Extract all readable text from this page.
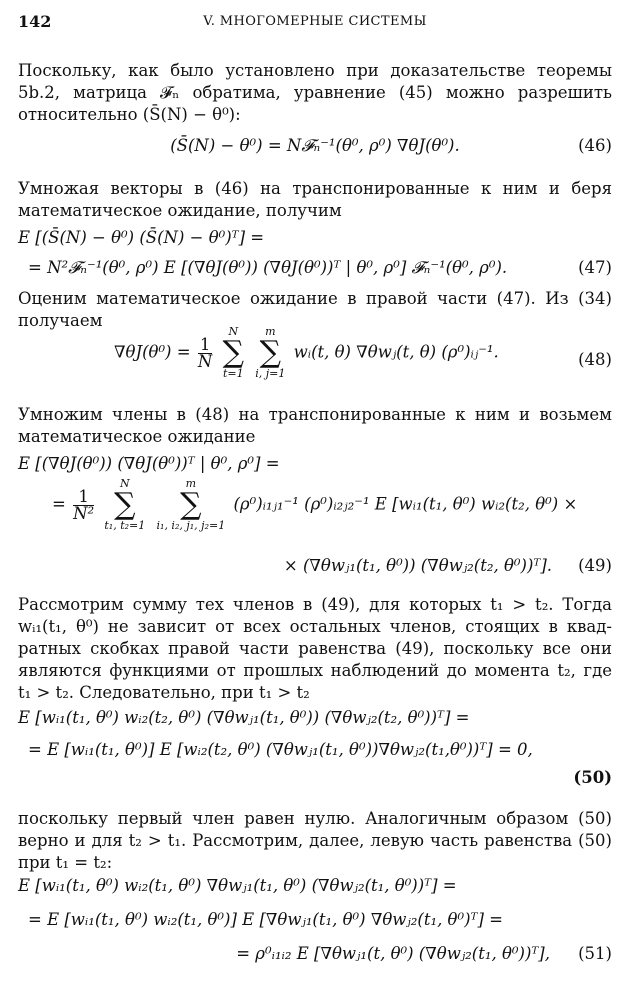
142	V. МНОГОМЕРНЫЕ СИСТЕМЫ
Поскольку, как было установлено при доказательстве теоремы
5b.2, матрица 𝓕ₙ обратима, уравнение (45) можно разрешить
относительно (S̄(N) − θ⁰):
(S̄(N) − θ⁰) = N𝓕ₙ⁻¹(θ⁰, ρ⁰) ∇θJ(θ⁰).	(46)
Умножая векторы в (46) на транспонированные к ним и беря
математическое ожидание, получим
E [(S̄(N) − θ⁰) (S̄(N) − θ⁰)ᵀ] =
= N²𝓕ₙ⁻¹(θ⁰, ρ⁰) E [(∇θJ(θ⁰)) (∇θJ(θ⁰))ᵀ | θ⁰, ρ⁰] 𝓕ₙ⁻¹(θ⁰, ρ⁰).	(47)
Оценим математическое ожидание в правой части (47). Из (34)
получаем
$\nabla\theta J(\theta^0) = \frac{1}{N}$

N
∑
t=1

m
∑
i, j=1
wᵢ(t, θ) ∇θwⱼ(t, θ) (ρ⁰)ᵢⱼ⁻¹.	(48)
Умножим члены в (48) на транспонированные к ним и возьмем
математическое ожидание
E [(∇θJ(θ⁰)) (∇θJ(θ⁰))ᵀ | θ⁰, ρ⁰] =
= $\frac{1}{\text{N²}}$

N
∑
t₁, t₂=1

m
∑
i₁, i₂, j₁, j₂=1
(ρ⁰)ᵢ₁ⱼ₁⁻¹ (ρ⁰)ᵢ₂ⱼ₂⁻¹ E [wᵢ₁(t₁, θ⁰) wᵢ₂(t₂, θ⁰) ×
× (∇θwⱼ₁(t₁, θ⁰)) (∇θwⱼ₂(t₂, θ⁰))ᵀ]. (49)
Рассмотрим сумму тех членов в (49), для которых t₁ > t₂. Тогда
wᵢ₁(t₁, θ⁰) не зависит от всех остальных членов, стоящих в квад-
ратных скобках правой части равенства (49), поскольку все они
являются функциями от прошлых наблюдений до момента t₂, где
t₁ > t₂. Следовательно, при t₁ > t₂
E [wᵢ₁(t₁, θ⁰) wᵢ₂(t₂, θ⁰) (∇θwⱼ₁(t₁, θ⁰)) (∇θwⱼ₂(t₂, θ⁰))ᵀ] =
= E [wᵢ₁(t₁, θ⁰)] E [wᵢ₂(t₂, θ⁰) (∇θwⱼ₁(t₁, θ⁰))∇θwⱼ₂(t₁,θ⁰))ᵀ] = 0,
(50)
поскольку первый член равен нулю. Аналогичным образом (50)
верно и для t₂ > t₁. Рассмотрим, далее, левую часть равенства (50)
при t₁ = t₂:
E [wᵢ₁(t₁, θ⁰) wᵢ₂(t₁, θ⁰) ∇θwⱼ₁(t₁, θ⁰) (∇θwⱼ₂(t₁, θ⁰))ᵀ] =
= E [wᵢ₁(t₁, θ⁰) wᵢ₂(t₁, θ⁰)] E [∇θwⱼ₁(t₁, θ⁰) ∇θwⱼ₂(t₁, θ⁰)ᵀ] =
= ρ⁰ᵢ₁ᵢ₂ E [∇θwⱼ₁(t, θ⁰) (∇θwⱼ₂(t₁, θ⁰))ᵀ], (51)
